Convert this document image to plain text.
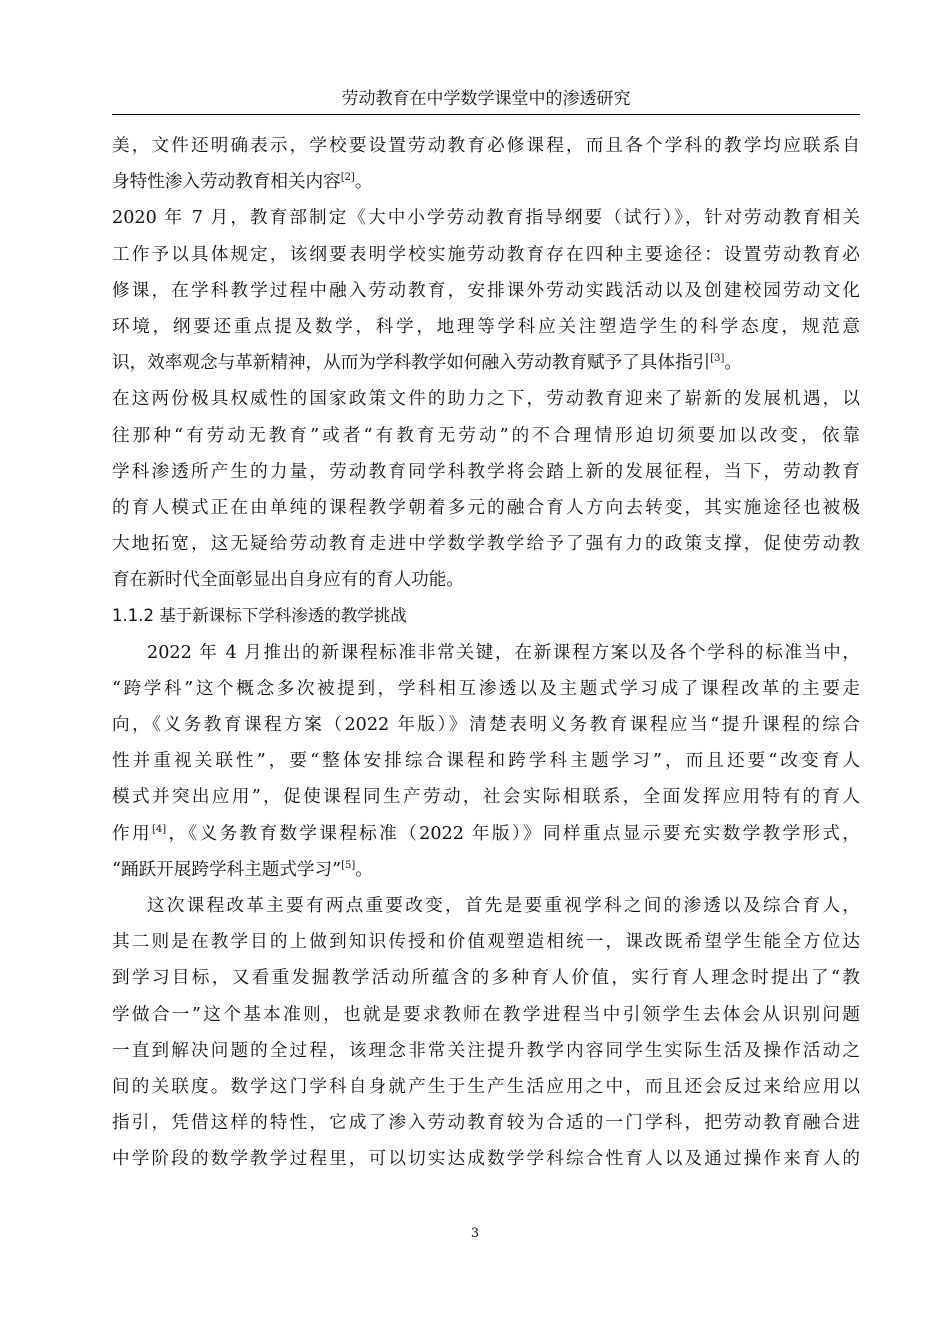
劳动教育在中学数学课堂中的渗透研究
美，文件还明确表示，学校要设置劳动教育必修课程，而且各个学科的教学均应联系自
身特性渗入劳动教育相关内容[2]。
2020 年 7 月，教育部制定《大中小学劳动教育指导纲要（试行）》，针对劳动教育相关
工作予以具体规定，该纲要表明学校实施劳动教育存在四种主要途径：设置劳动教育必
修课，在学科教学过程中融入劳动教育，安排课外劳动实践活动以及创建校园劳动文化
环境，纲要还重点提及数学，科学，地理等学科应关注塑造学生的科学态度，规范意
识，效率观念与革新精神，从而为学科教学如何融入劳动教育赋予了具体指引[3]。
在这两份极具权威性的国家政策文件的助力之下，劳动教育迎来了崭新的发展机遇，以
往那种“有劳动无教育”或者“有教育无劳动”的不合理情形迫切须要加以改变，依靠
学科渗透所产生的力量，劳动教育同学科教学将会踏上新的发展征程，当下，劳动教育
的育人模式正在由单纯的课程教学朝着多元的融合育人方向去转变，其实施途径也被极
大地拓宽，这无疑给劳动教育走进中学数学教学给予了强有力的政策支撑，促使劳动教
育在新时代全面彰显出自身应有的育人功能。
1.1.2 基于新课标下学科渗透的教学挑战
2022 年 4 月推出的新课程标准非常关键，在新课程方案以及各个学科的标准当中，
“跨学科”这个概念多次被提到，学科相互渗透以及主题式学习成了课程改革的主要走
向，《义务教育课程方案（2022 年版）》清楚表明义务教育课程应当“提升课程的综合
性并重视关联性”，要“整体安排综合课程和跨学科主题学习”，而且还要“改变育人
模式并突出应用”，促使课程同生产劳动，社会实际相联系，全面发挥应用特有的育人
作用[4]，《义务教育数学课程标准（2022 年版）》同样重点显示要充实数学教学形式，
“踊跃开展跨学科主题式学习”[5]。
这次课程改革主要有两点重要改变，首先是要重视学科之间的渗透以及综合育人，
其二则是在教学目的上做到知识传授和价值观塑造相统一，课改既希望学生能全方位达
到学习目标，又看重发掘教学活动所蕴含的多种育人价值，实行育人理念时提出了“教
学做合一”这个基本准则，也就是要求教师在教学进程当中引领学生去体会从识别问题
一直到解决问题的全过程，该理念非常关注提升教学内容同学生实际生活及操作活动之
间的关联度。数学这门学科自身就产生于生产生活应用之中，而且还会反过来给应用以
指引，凭借这样的特性，它成了渗入劳动教育较为合适的一门学科，把劳动教育融合进
中学阶段的数学教学过程里，可以切实达成数学学科综合性育人以及通过操作来育人的
3
